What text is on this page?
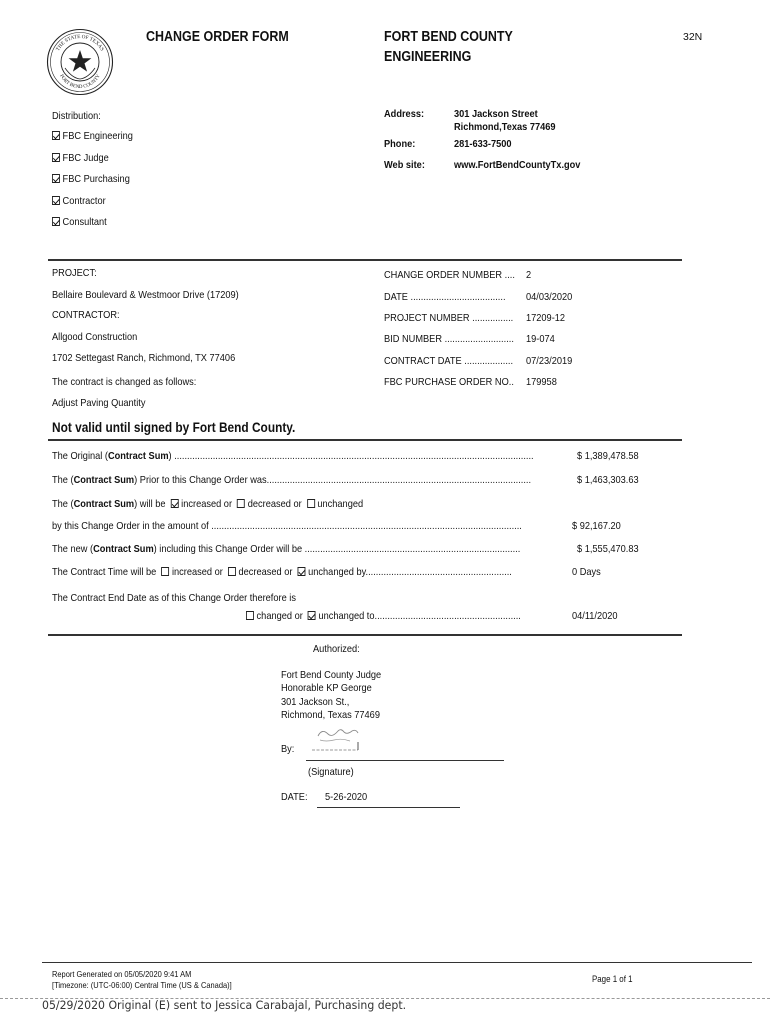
THE STATE OF TEXAS
FORT BEND COUNTY
CHANGE ORDER FORM	FORT BEND COUNTY
ENGINEERING
32N
Distribution:
FBC Engineering
FBC Judge
FBC Purchasing
Contractor
Consultant
Address:	301 Jackson Street
Richmond,Texas 77469
Phone:	281-633-7500
Web site:	www.FortBendCountyTx.gov
PROJECT:
Bellaire Boulevard & Westmoor Drive (17209)
CONTRACTOR:
Allgood Construction
1702 Settegast Ranch, Richmond, TX 77406
The contract is changed as follows:
Adjust Paving Quantity
CHANGE ORDER NUMBER .... 2
DATE ..................................... 04/03/2020
PROJECT NUMBER ................ 17209-12
BID NUMBER ........................... 19-074
CONTRACT DATE ................... 07/23/2019
FBC PURCHASE ORDER NO.. 179958
Not valid until signed by Fort Bend County.
The Original (Contract Sum) ............................................................................................................................................	$ 1,389,478.58
The (Contract Sum) Prior to this Change Order was.......................................................................................................	$ 1,463,303.63
The (Contract Sum) will be increased or decreased or unchanged
by this Change Order in the amount of .........................................................................................................................	$ 92,167.20
The new (Contract Sum) including this Change Order will be ....................................................................................	$ 1,555,470.83
The Contract Time will be increased or decreased or unchanged by.........................................................	0 Days
The Contract End Date as of this Change Order therefore is
changed or unchanged to.........................................................	04/11/2020
Authorized:
Fort Bend County Judge
Honorable KP George
301 Jackson St.,
Richmond, Texas 77469
By:
(Signature)
DATE: 5-26-2020
Report Generated on 05/05/2020 9:41 AM
[Timezone: (UTC-06:00) Central Time (US & Canada)]
Page 1 of 1
05/29/2020 Original (E) sent to Jessica Carabajal, Purchasing dept.
